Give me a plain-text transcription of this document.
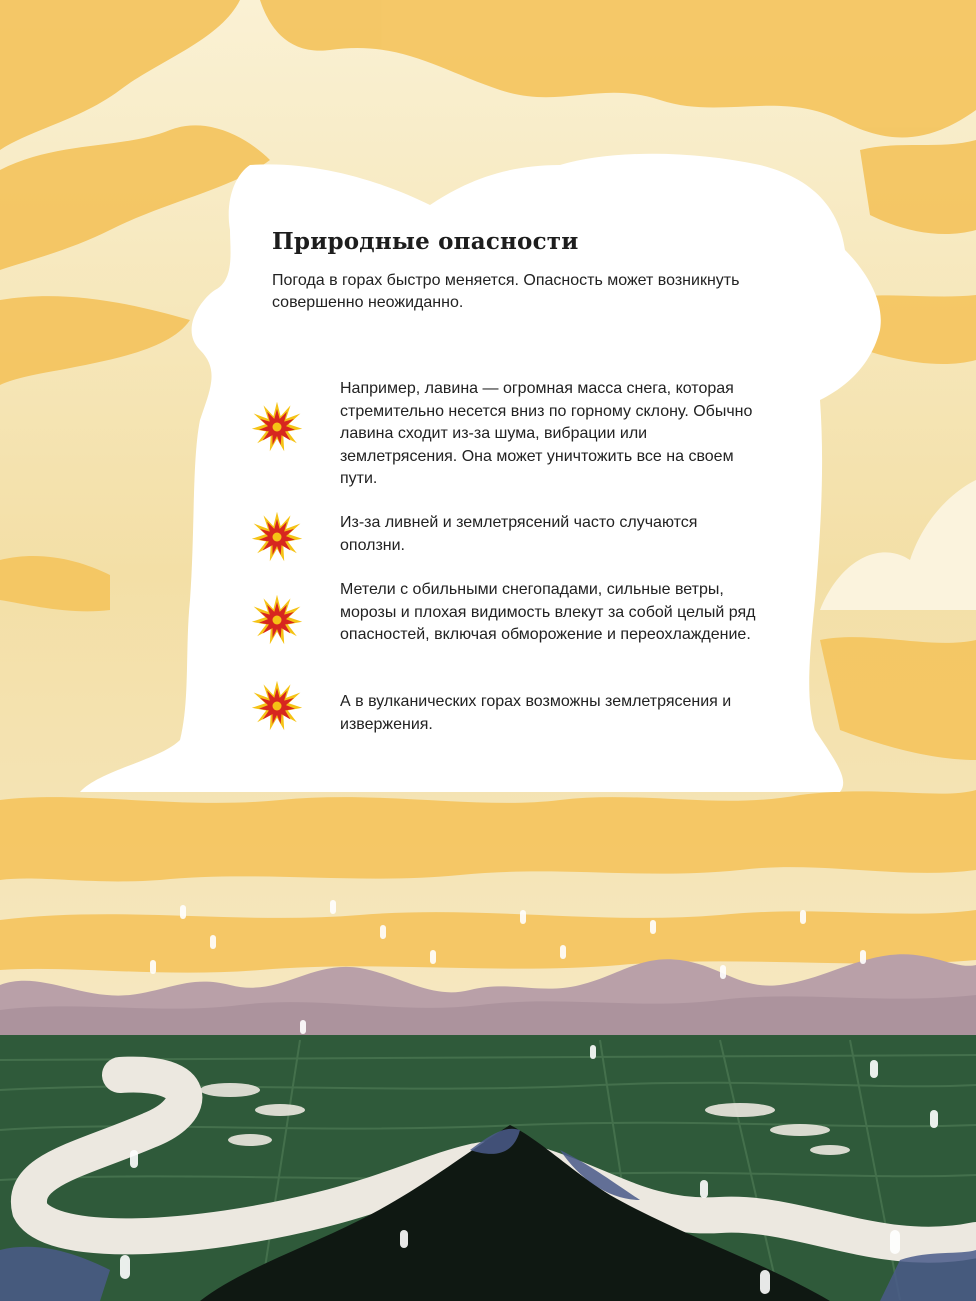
Природные опасности

Погода в горах быстро меняется. Опасность может возникнуть совершенно неожиданно.

Например, лавина — огромная масса снега, которая стремительно несется вниз по горному склону. Обычно лавина сходит из-за шума, вибрации или землетрясения. Она может уничтожить все на своем пути.

Из-за ливней и землетрясений часто случаются оползни.

Метели с обильными снегопадами, сильные ветры, морозы и плохая видимость влекут за собой целый ряд опасностей, включая обморожение и переохлаждение.

А в вулканических горах возможны землетрясения и извержения.
